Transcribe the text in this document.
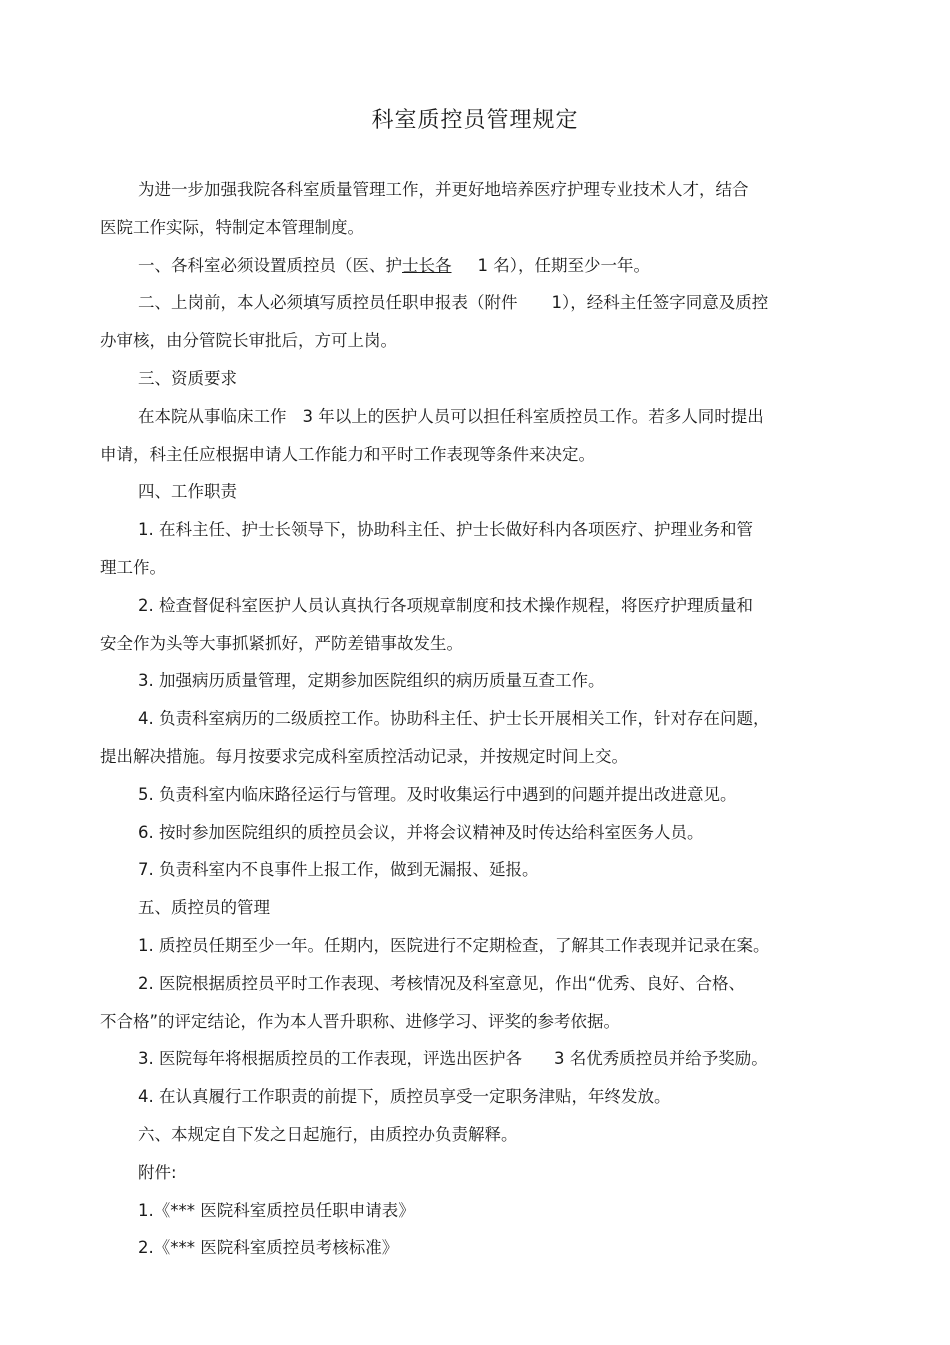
科室质控员管理规定
为进一步加强我院各科室质量管理工作，并更好地培养医疗护理专业技术人才，结合
医院工作实际，特制定本管理制度。
一、各科室必须设置质控员（医、护士长各 1 名），任期至少一年。
二、上岗前，本人必须填写质控员任职申报表（附件 1），经科主任签字同意及质控
办审核，由分管院长审批后，方可上岗。
三、资质要求
在本院从事临床工作 3 年以上的医护人员可以担任科室质控员工作。若多人同时提出
申请，科主任应根据申请人工作能力和平时工作表现等条件来决定。
四、工作职责
1. 在科主任、护士长领导下，协助科主任、护士长做好科内各项医疗、护理业务和管
理工作。
2. 检查督促科室医护人员认真执行各项规章制度和技术操作规程，将医疗护理质量和
安全作为头等大事抓紧抓好，严防差错事故发生。
3. 加强病历质量管理，定期参加医院组织的病历质量互查工作。
4. 负责科室病历的二级质控工作。协助科主任、护士长开展相关工作，针对存在问题，
提出解决措施。每月按要求完成科室质控活动记录，并按规定时间上交。
5. 负责科室内临床路径运行与管理。及时收集运行中遇到的问题并提出改进意见。
6. 按时参加医院组织的质控员会议，并将会议精神及时传达给科室医务人员。
7. 负责科室内不良事件上报工作，做到无漏报、延报。
五、质控员的管理
1. 质控员任期至少一年。任期内，医院进行不定期检查，了解其工作表现并记录在案。
2. 医院根据质控员平时工作表现、考核情况及科室意见，作出“优秀、良好、合格、
不合格”的评定结论，作为本人晋升职称、进修学习、评奖的参考依据。
3. 医院每年将根据质控员的工作表现，评选出医护各 3 名优秀质控员并给予奖励。
4. 在认真履行工作职责的前提下，质控员享受一定职务津贴，年终发放。
六、本规定自下发之日起施行，由质控办负责解释。
附件:
1.《*** 医院科室质控员任职申请表》
2.《*** 医院科室质控员考核标准》
